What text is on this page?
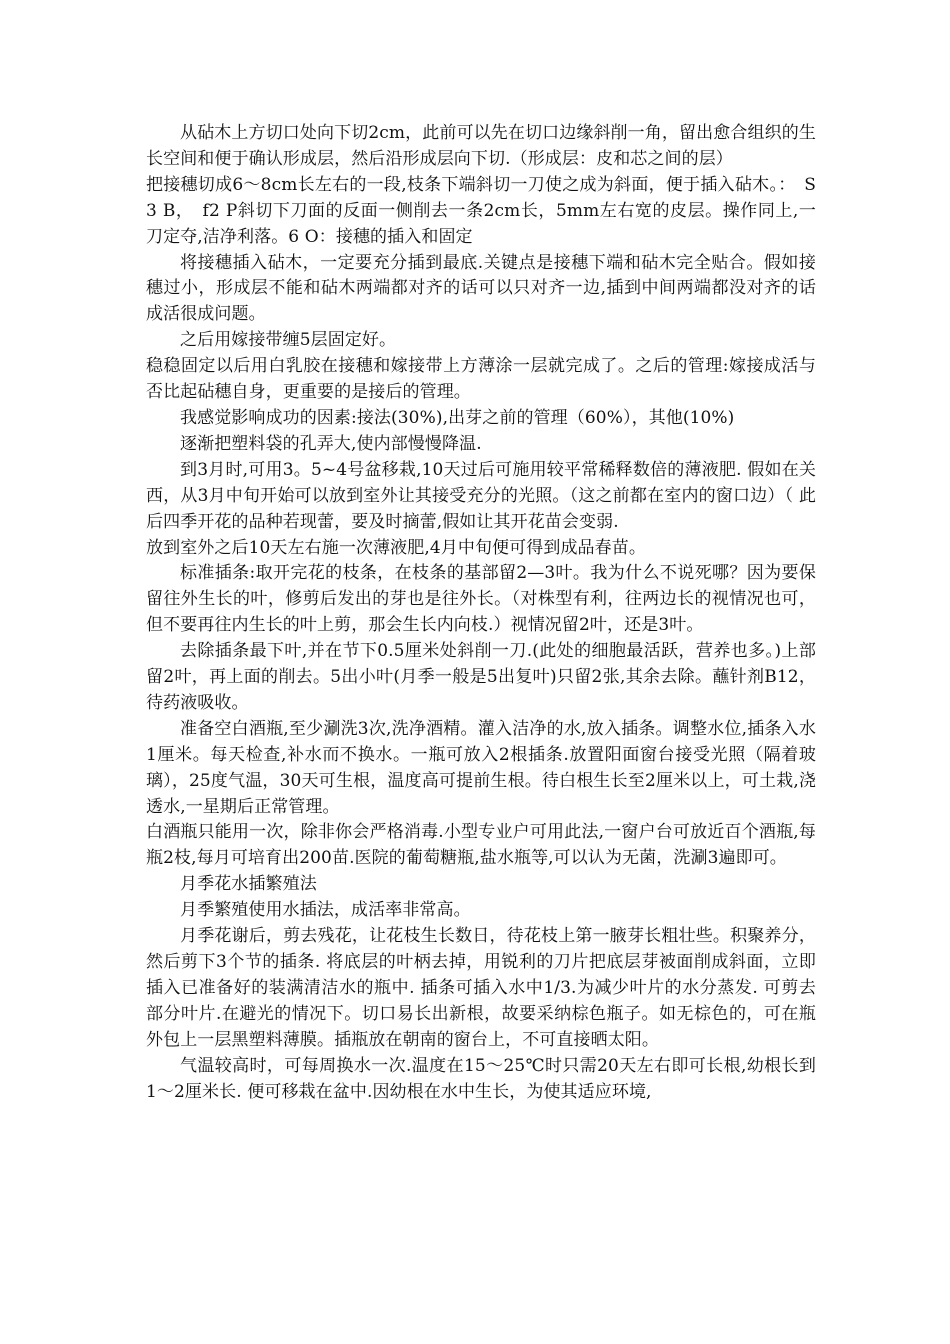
从砧木上方切口处向下切2cm，此前可以先在切口边缘斜削一角，留出愈合组织的生长空间和便于确认形成层，然后沿形成层向下切.（形成层：皮和芯之间的层）

把接穗切成6～8cm长左右的一段,枝条下端斜切一刀使之成为斜面，便于插入砧木。：　S3 B，　f2 P斜切下刀面的反面一侧削去一条2cm长，5mm左右宽的皮层。操作同上,一刀定夺,洁净利落。6 O：接穗的插入和固定

将接穗插入砧木，一定要充分插到最底.关键点是接穗下端和砧木完全贴合。假如接穗过小，形成层不能和砧木两端都对齐的话可以只对齐一边,插到中间两端都没对齐的话成活很成问题。

之后用嫁接带缠5层固定好。

稳稳固定以后用白乳胶在接穗和嫁接带上方薄涂一层就完成了。之后的管理:嫁接成活与否比起砧穗自身，更重要的是接后的管理。

我感觉影响成功的因素:接法(30%),出芽之前的管理（60%），其他(10%)

逐渐把塑料袋的孔弄大,使内部慢慢降温.

到3月时,可用3。5~4号盆移栽,10天过后可施用较平常稀释数倍的薄液肥. 假如在关西，从3月中旬开始可以放到室外让其接受充分的光照。（这之前都在室内的窗口边）（ 此后四季开花的品种若现蕾，要及时摘蕾,假如让其开花苗会变弱.

放到室外之后10天左右施一次薄液肥,4月中旬便可得到成品春苗。

标准插条:取开完花的枝条，在枝条的基部留2—3叶。我为什么不说死哪？因为要保留往外生长的叶，修剪后发出的芽也是往外长。（对株型有利，往两边长的视情况也可，但不要再往内生长的叶上剪，那会生长内向枝.）视情况留2叶，还是3叶。

去除插条最下叶,并在节下0.5厘米处斜削一刀.(此处的细胞最活跃，营养也多。)上部留2叶，再上面的削去。5出小叶(月季一般是5出复叶)只留2张,其余去除。蘸针剂B12，待药液吸收。

准备空白酒瓶,至少涮洗3次,洗净酒精。灌入洁净的水,放入插条。调整水位,插条入水1厘米。每天检查,补水而不换水。一瓶可放入2根插条.放置阳面窗台接受光照（隔着玻璃），25度气温，30天可生根，温度高可提前生根。待白根生长至2厘米以上，可土栽,浇透水,一星期后正常管理。

白酒瓶只能用一次，除非你会严格消毒.小型专业户可用此法,一窗户台可放近百个酒瓶,每瓶2枝,每月可培育出200苗.医院的葡萄糖瓶,盐水瓶等,可以认为无菌，洗涮3遍即可。

月季花水插繁殖法

月季繁殖使用水插法，成活率非常高。

月季花谢后，剪去残花，让花枝生长数日，待花枝上第一腋芽长粗壮些。积聚养分，然后剪下3个节的插条. 将底层的叶柄去掉，用锐利的刀片把底层芽被面削成斜面，立即插入已准备好的装满清洁水的瓶中. 插条可插入水中1/3.为减少叶片的水分蒸发. 可剪去部分叶片.在避光的情况下。切口易长出新根，故要采纳棕色瓶子。如无棕色的，可在瓶外包上一层黑塑料薄膜。插瓶放在朝南的窗台上，不可直接晒太阳。

气温较高时，可每周换水一次.温度在15～25℃时只需20天左右即可长根,幼根长到1～2厘米长. 便可移栽在盆中.因幼根在水中生长，为使其适应环境,
